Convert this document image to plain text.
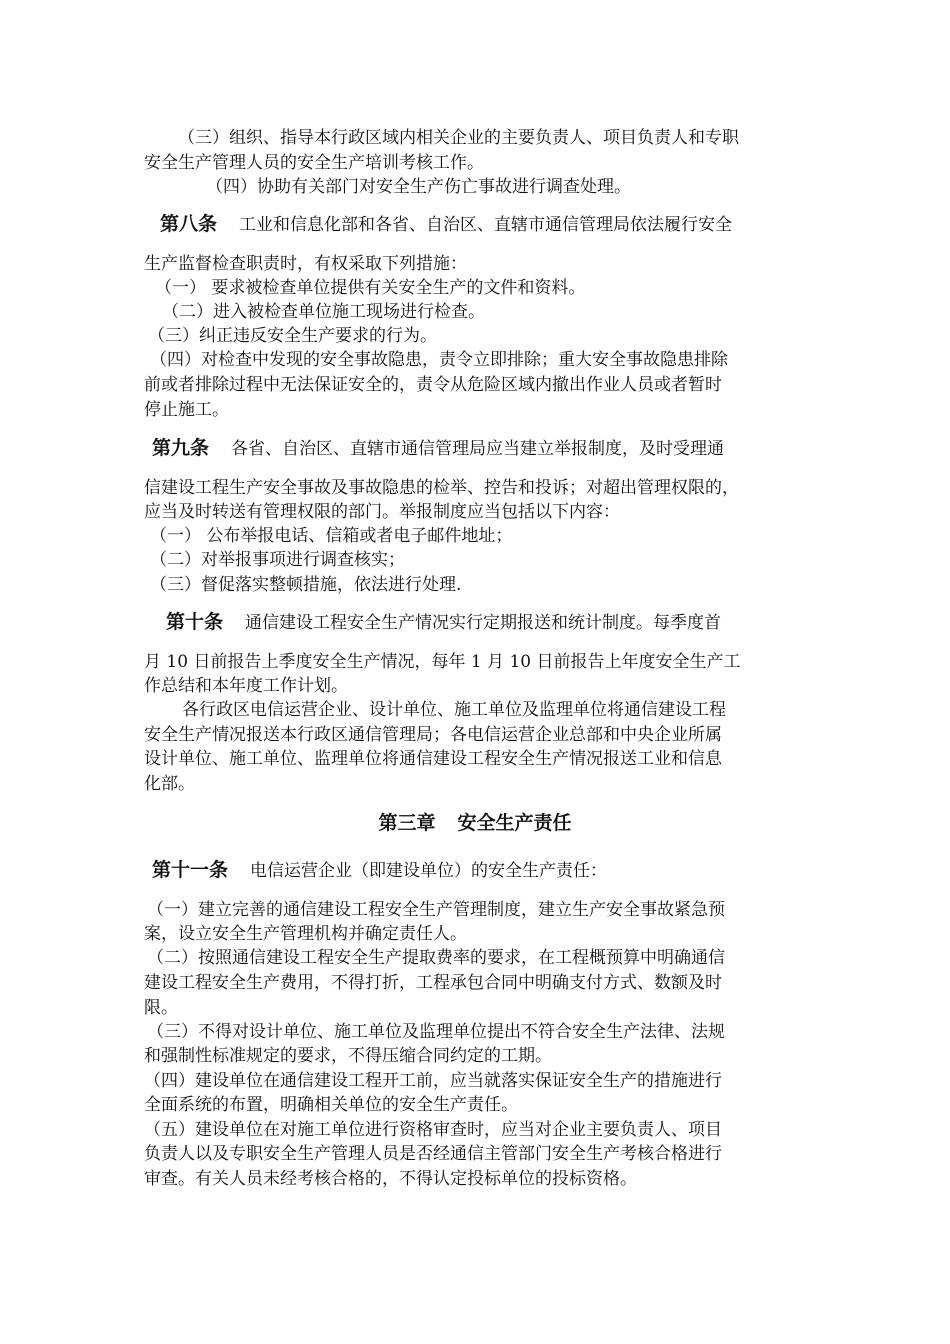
（三）组织、指导本行政区域内相关企业的主要负责人、项目负责人和专职
安全生产管理人员的安全生产培训考核工作。
（四）协助有关部门对安全生产伤亡事故进行调查处理。
第八条 工业和信息化部和各省、自治区、直辖市通信管理局依法履行安全
生产监督检查职责时，有权采取下列措施：
（一） 要求被检查单位提供有关安全生产的文件和资料。
（二）进入被检查单位施工现场进行检查。
（三）纠正违反安全生产要求的行为。
（四）对检查中发现的安全事故隐患，责令立即排除；重大安全事故隐患排除
前或者排除过程中无法保证安全的，责令从危险区域内撤出作业人员或者暂时
停止施工。
第九条 各省、自治区、直辖市通信管理局应当建立举报制度，及时受理通
信建设工程生产安全事故及事故隐患的检举、控告和投诉；对超出管理权限的，
应当及时转送有管理权限的部门。举报制度应当包括以下内容：
（一） 公布举报电话、信箱或者电子邮件地址；
（二）对举报事项进行调查核实；
（三）督促落实整顿措施，依法进行处理.
第十条 通信建设工程安全生产情况实行定期报送和统计制度。每季度首
月 10 日前报告上季度安全生产情况，每年 1 月 10 日前报告上年度安全生产工
作总结和本年度工作计划。
各行政区电信运营企业、设计单位、施工单位及监理单位将通信建设工程
安全生产情况报送本行政区通信管理局；各电信运营企业总部和中央企业所属
设计单位、施工单位、监理单位将通信建设工程安全生产情况报送工业和信息
化部。
第三章 安全生产责任
第十一条 电信运营企业（即建设单位）的安全生产责任：
（一）建立完善的通信建设工程安全生产管理制度，建立生产安全事故紧急预
案，设立安全生产管理机构并确定责任人。
（二）按照通信建设工程安全生产提取费率的要求，在工程概预算中明确通信
建设工程安全生产费用，不得打折，工程承包合同中明确支付方式、数额及时
限。
（三）不得对设计单位、施工单位及监理单位提出不符合安全生产法律、法规
和强制性标准规定的要求，不得压缩合同约定的工期。
（四）建设单位在通信建设工程开工前，应当就落实保证安全生产的措施进行
全面系统的布置，明确相关单位的安全生产责任。
（五）建设单位在对施工单位进行资格审查时，应当对企业主要负责人、项目
负责人以及专职安全生产管理人员是否经通信主管部门安全生产考核合格进行
审查。有关人员未经考核合格的，不得认定投标单位的投标资格。
